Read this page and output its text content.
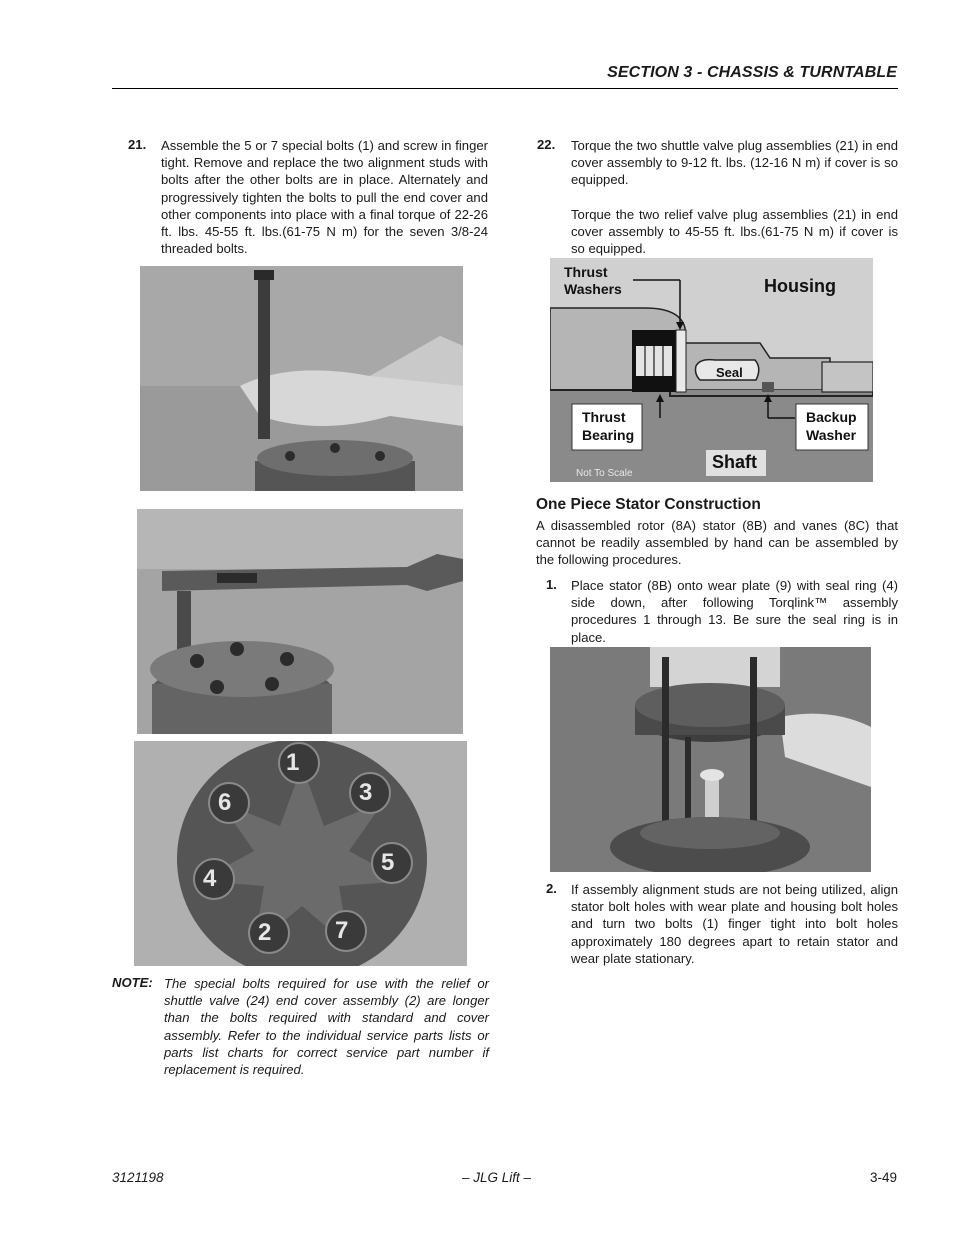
SECTION 3 - CHASSIS & TURNTABLE
21. Assemble the 5 or 7 special bolts (1) and screw in finger tight. Remove and replace the two alignment studs with bolts after the other bolts are in place. Alternately and progressively tighten the bolts to pull the end cover and other components into place with a final torque of 22-26 ft. lbs. 45-55 ft. lbs.(61-75 N m) for the seven 3/8-24 threaded bolts.
1
3
5
7
2
4
6
NOTE: The special bolts required for use with the relief or shuttle valve (24) end cover assembly (2) are longer than the bolts required with standard and cover assembly. Refer to the individual service parts lists or parts list charts for correct service part number if replacement is required.
22. Torque the two shuttle valve plug assemblies (21) in end cover assembly to 9-12 ft. lbs. (12-16 N m) if cover is so equipped.
Torque the two relief valve plug assemblies (21) in end cover assembly to 45-55 ft. lbs.(61-75 N m) if cover is so equipped.
Thrust Washers	Housing
Seal
Thrust Bearing
Backup Washer
Shaft
Not To Scale
One Piece Stator Construction
A disassembled rotor (8A) stator (8B) and vanes (8C) that cannot be readily assembled by hand can be assembled by the following procedures.
1. Place stator (8B) onto wear plate (9) with seal ring (4) side down, after following Torqlink™ assembly procedures 1 through 13. Be sure the seal ring is in place.
2. If assembly alignment studs are not being utilized, align stator bolt holes with wear plate and housing bolt holes and turn two bolts (1) finger tight into bolt holes approximately 180 degrees apart to retain stator and wear plate stationary.
3121198	– JLG Lift –	3-49
